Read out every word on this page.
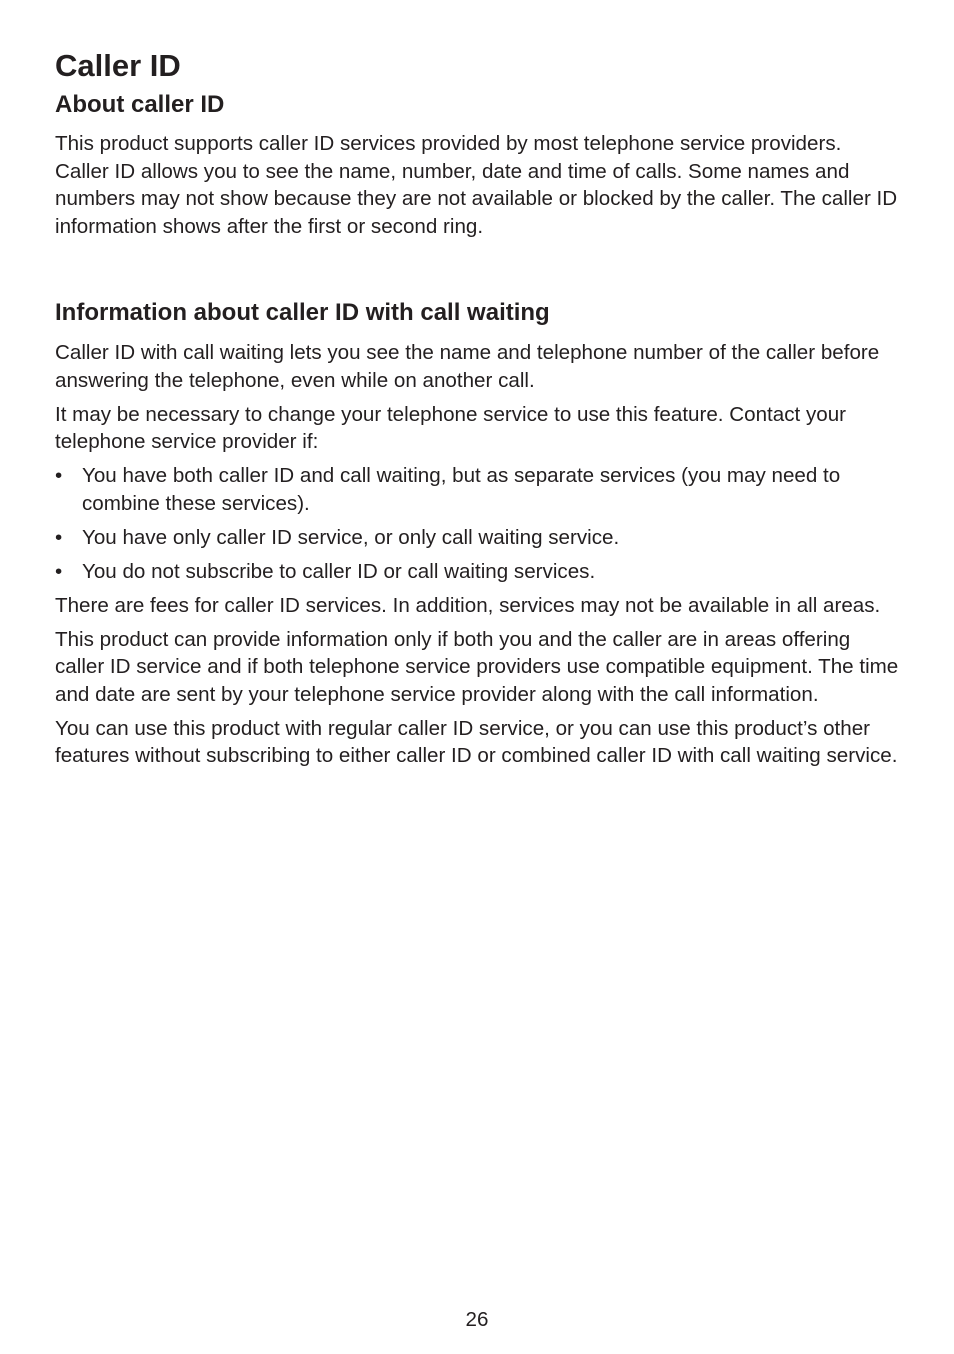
Caller ID
About caller ID

This product supports caller ID services provided by most telephone service providers. Caller ID allows you to see the name, number, date and time of calls. Some names and numbers may not show because they are not available or blocked by the caller. The caller ID information shows after the first or second ring.

Information about caller ID with call waiting

Caller ID with call waiting lets you see the name and telephone number of the caller before answering the telephone, even while on another call.

It may be necessary to change your telephone service to use this feature. Contact your telephone service provider if:

• You have both caller ID and call waiting, but as separate services (you may need to combine these services).
• You have only caller ID service, or only call waiting service.
• You do not subscribe to caller ID or call waiting services.

There are fees for caller ID services. In addition, services may not be available in all areas.

This product can provide information only if both you and the caller are in areas offering caller ID service and if both telephone service providers use compatible equipment. The time and date are sent by your telephone service provider along with the call information.

You can use this product with regular caller ID service, or you can use this product’s other features without subscribing to either caller ID or combined caller ID with call waiting service.

26
